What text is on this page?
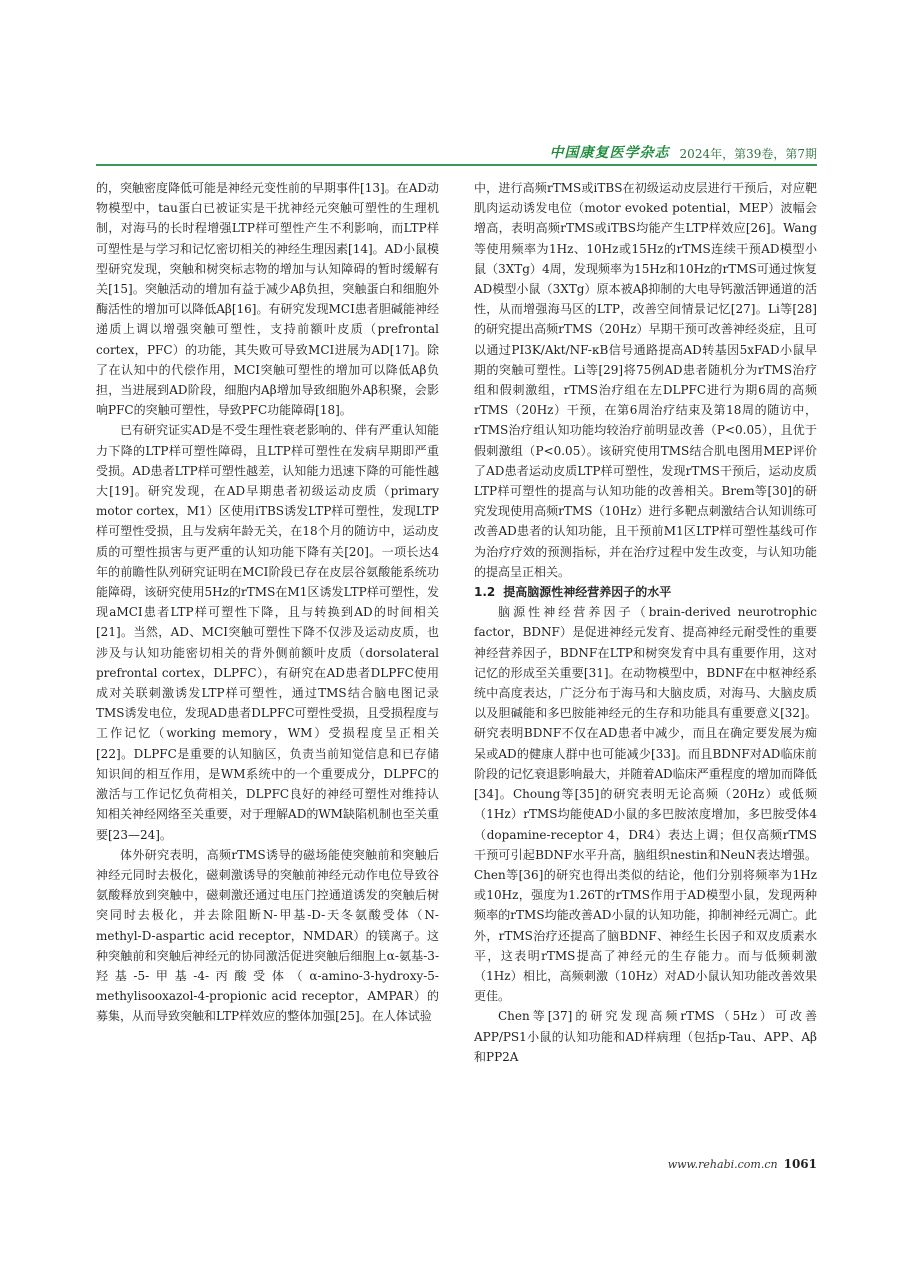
中国康复医学杂志 2024年，第39卷，第7期

的，突触密度降低可能是神经元变性前的早期事件[13]。在AD动物模型中，tau蛋白已被证实是干扰神经元突触可塑性的生理机制，对海马的长时程增强LTP样可塑性产生不利影响，而LTP样可塑性是与学习和记忆密切相关的神经生理因素[14]。AD小鼠模型研究发现，突触和树突标志物的增加与认知障碍的暂时缓解有关[15]。突触活动的增加有益于减少Aβ负担，突触蛋白和细胞外酶活性的增加可以降低Aβ[16]。有研究发现MCI患者胆碱能神经递质上调以增强突触可塑性，支持前额叶皮质（prefrontal cortex，PFC）的功能，其失败可导致MCI进展为AD[17]。除了在认知中的代偿作用，MCI突触可塑性的增加可以降低Aβ负担，当进展到AD阶段，细胞内Aβ增加导致细胞外Aβ积聚，会影响PFC的突触可塑性，导致PFC功能障碍[18]。

已有研究证实AD是不受生理性衰老影响的、伴有严重认知能力下降的LTP样可塑性障碍，且LTP样可塑性在发病早期即严重受损。AD患者LTP样可塑性越差，认知能力迅速下降的可能性越大[19]。研究发现，在AD早期患者初级运动皮质（primary motor cortex，M1）区使用iTBS诱发LTP样可塑性，发现LTP样可塑性受损，且与发病年龄无关，在18个月的随访中，运动皮质的可塑性损害与更严重的认知功能下降有关[20]。一项长达4年的前瞻性队列研究证明在MCI阶段已存在皮层谷氨酸能系统功能障碍，该研究使用5Hz的rTMS在M1区诱发LTP样可塑性，发现aMCI患者LTP样可塑性下降，且与转换到AD的时间相关[21]。当然，AD、MCI突触可塑性下降不仅涉及运动皮质，也涉及与认知功能密切相关的背外侧前额叶皮质（dorsolateral prefrontal cortex，DLPFC），有研究在AD患者DLPFC使用成对关联刺激诱发LTP样可塑性，通过TMS结合脑电图记录TMS诱发电位，发现AD患者DLPFC可塑性受损，且受损程度与工作记忆（working memory，WM）受损程度呈正相关[22]。DLPFC是重要的认知脑区，负责当前知觉信息和已存储知识间的相互作用，是WM系统中的一个重要成分，DLPFC的激活与工作记忆负荷相关，DLPFC良好的神经可塑性对维持认知相关神经网络至关重要，对于理解AD的WM缺陷机制也至关重要[23—24]。

体外研究表明，高频rTMS诱导的磁场能使突触前和突触后神经元同时去极化，磁刺激诱导的突触前神经元动作电位导致谷氨酸释放到突触中，磁刺激还通过电压门控通道诱发的突触后树突同时去极化，并去除阻断N-甲基-D-天冬氨酸受体（N-methyl-D-aspartic acid receptor，NMDAR）的镁离子。这种突触前和突触后神经元的协同激活促进突触后细胞上α-氨基-3-羟基-5-甲基-4-丙酸受体（α-amino-3-hydroxy-5-methylisooxazol-4-propionic acid receptor，AMPAR）的募集，从而导致突触和LTP样效应的整体加强[25]。在人体试验

中，进行高频rTMS或iTBS在初级运动皮层进行干预后，对应靶肌肉运动诱发电位（motor evoked potential，MEP）波幅会增高，表明高频rTMS或iTBS均能产生LTP样效应[26]。Wang等使用频率为1Hz、10Hz或15Hz的rTMS连续干预AD模型小鼠（3XTg）4周，发现频率为15Hz和10Hz的rTMS可通过恢复AD模型小鼠（3XTg）原本被Aβ抑制的大电导钙激活钾通道的活性，从而增强海马区的LTP，改善空间情景记忆[27]。Li等[28]的研究提出高频rTMS（20Hz）早期干预可改善神经炎症，且可以通过PI3K/Akt/NF-κB信号通路提高AD转基因5xFAD小鼠早期的突触可塑性。Li等[29]将75例AD患者随机分为rTMS治疗组和假刺激组，rTMS治疗组在左DLPFC进行为期6周的高频rTMS（20Hz）干预，在第6周治疗结束及第18周的随访中，rTMS治疗组认知功能均较治疗前明显改善（P<0.05），且优于假刺激组（P<0.05）。该研究使用TMS结合肌电图用MEP评价了AD患者运动皮质LTP样可塑性，发现rTMS干预后，运动皮质LTP样可塑性的提高与认知功能的改善相关。Brem等[30]的研究发现使用高频rTMS（10Hz）进行多靶点刺激结合认知训练可改善AD患者的认知功能，且干预前M1区LTP样可塑性基线可作为治疗疗效的预测指标，并在治疗过程中发生改变，与认知功能的提高呈正相关。

1.2 提高脑源性神经营养因子的水平

脑源性神经营养因子（brain-derived neurotrophic factor，BDNF）是促进神经元发育、提高神经元耐受性的重要神经营养因子，BDNF在LTP和树突发育中具有重要作用，这对记忆的形成至关重要[31]。在动物模型中，BDNF在中枢神经系统中高度表达，广泛分布于海马和大脑皮质，对海马、大脑皮质以及胆碱能和多巴胺能神经元的生存和功能具有重要意义[32]。研究表明BDNF不仅在AD患者中减少，而且在确定要发展为痴呆或AD的健康人群中也可能减少[33]。而且BDNF对AD临床前阶段的记忆衰退影响最大，并随着AD临床严重程度的增加而降低[34]。Choung等[35]的研究表明无论高频（20Hz）或低频（1Hz）rTMS均能使AD小鼠的多巴胺浓度增加，多巴胺受体4（dopamine-receptor 4，DR4）表达上调；但仅高频rTMS干预可引起BDNF水平升高，脑组织nestin和NeuN表达增强。Chen等[36]的研究也得出类似的结论，他们分别将频率为1Hz或10Hz，强度为1.26T的rTMS作用于AD模型小鼠，发现两种频率的rTMS均能改善AD小鼠的认知功能，抑制神经元凋亡。此外，rTMS治疗还提高了脑BDNF、神经生长因子和双皮质素水平，这表明rTMS提高了神经元的生存能力。而与低频刺激（1Hz）相比，高频刺激（10Hz）对AD小鼠认知功能改善效果更佳。

Chen等[37]的研究发现高频rTMS（5Hz）可改善APP/PS1小鼠的认知功能和AD样病理（包括p-Tau、APP、Aβ和PP2A

www.rehabi.com.cn 1061
